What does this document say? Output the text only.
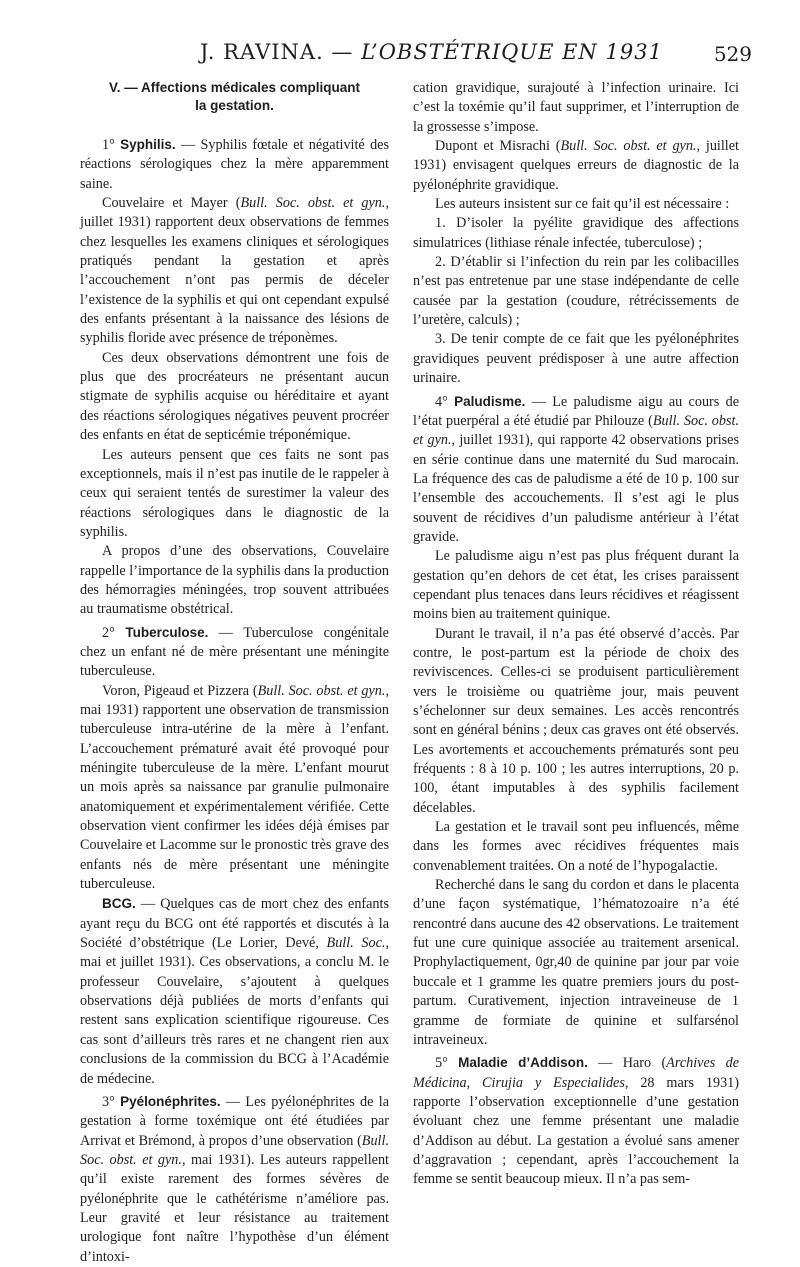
J. RAVINA. — L’OBSTÉTRIQUE EN 1931	529
V. — Affections médicales compliquant
la gestation.

1° Syphilis. — Syphilis fœtale et négativité des réactions sérologiques chez la mère apparemment saine.

Couvelaire et Mayer (Bull. Soc. obst. et gyn., juillet 1931) rapportent deux observations de femmes chez lesquelles les examens cliniques et sérologiques pratiqués pendant la gestation et après l’accouchement n’ont pas permis de déceler l’existence de la syphilis et qui ont cependant expulsé des enfants présentant à la naissance des lésions de syphilis floride avec présence de tréponèmes.

Ces deux observations démontrent une fois de plus que des procréateurs ne présentant aucun stigmate de syphilis acquise ou héréditaire et ayant des réactions sérologiques négatives peuvent procréer des enfants en état de septicémie tréponémique.

Les auteurs pensent que ces faits ne sont pas exceptionnels, mais il n’est pas inutile de le rappeler à ceux qui seraient tentés de surestimer la valeur des réactions sérologiques dans le diagnostic de la syphilis.

A propos d’une des observations, Couvelaire rappelle l’importance de la syphilis dans la production des hémorragies méningées, trop souvent attribuées au traumatisme obstétrical.

2° Tuberculose. — Tuberculose congénitale chez un enfant né de mère présentant une méningite tuberculeuse.

Voron, Pigeaud et Pizzera (Bull. Soc. obst. et gyn., mai 1931) rapportent une observation de transmission tuberculeuse intra-utérine de la mère à l’enfant. L’accouchement prématuré avait été provoqué pour méningite tuberculeuse de la mère. L’enfant mourut un mois après sa naissance par granulie pulmonaire anatomiquement et expérimentalement vérifiée. Cette observation vient confirmer les idées déjà émises par Couvelaire et Lacomme sur le pronostic très grave des enfants nés de mère présentant une méningite tuberculeuse.

BCG. — Quelques cas de mort chez des enfants ayant reçu du BCG ont été rapportés et discutés à la Société d’obstétrique (Le Lorier, Devé, Bull. Soc., mai et juillet 1931). Ces observations, a conclu M. le professeur Couvelaire, s’ajoutent à quelques observations déjà publiées de morts d’enfants qui restent sans explication scientifique rigoureuse. Ces cas sont d’ailleurs très rares et ne changent rien aux conclusions de la commission du BCG à l’Académie de médecine.

3° Pyélonéphrites. — Les pyélonéphrites de la gestation à forme toxémique ont été étudiées par Arrivat et Brémond, à propos d’une observation (Bull. Soc. obst. et gyn., mai 1931). Les auteurs rappellent qu’il existe rarement des formes sévères de pyélonéphrite que le cathétérisme n’améliore pas. Leur gravité et leur résistance au traitement urologique font naître l’hypothèse d’un élément d’intoxi-

cation gravidique, surajouté à l’infection urinaire. Ici c’est la toxémie qu’il faut supprimer, et l’interruption de la grossesse s’impose.

Dupont et Misrachi (Bull. Soc. obst. et gyn., juillet 1931) envisagent quelques erreurs de diagnostic de la pyélonéphrite gravidique.

Les auteurs insistent sur ce fait qu’il est nécessaire :

1. D’isoler la pyélite gravidique des affections simulatrices (lithiase rénale infectée, tuberculose) ;

2. D’établir si l’infection du rein par les colibacilles n’est pas entretenue par une stase indépendante de celle causée par la gestation (coudure, rétrécissements de l’uretère, calculs) ;

3. De tenir compte de ce fait que les pyélonéphrites gravidiques peuvent prédisposer à une autre affection urinaire.

4° Paludisme. — Le paludisme aigu au cours de l’état puerpéral a été étudié par Philouze (Bull. Soc. obst. et gyn., juillet 1931), qui rapporte 42 observations prises en série continue dans une maternité du Sud marocain. La fréquence des cas de paludisme a été de 10 p. 100 sur l’ensemble des accouchements. Il s’est agi le plus souvent de récidives d’un paludisme antérieur à l’état gravide.

Le paludisme aigu n’est pas plus fréquent durant la gestation qu’en dehors de cet état, les crises paraissent cependant plus tenaces dans leurs récidives et réagissent moins bien au traitement quinique.

Durant le travail, il n’a pas été observé d’accès. Par contre, le post-partum est la période de choix des reviviscences. Celles-ci se produisent particulièrement vers le troisième ou quatrième jour, mais peuvent s’échelonner sur deux semaines. Les accès rencontrés sont en général bénins ; deux cas graves ont été observés. Les avortements et accouchements prématurés sont peu fréquents : 8 à 10 p. 100 ; les autres interruptions, 20 p. 100, étant imputables à des syphilis facilement décelables.

La gestation et le travail sont peu influencés, même dans les formes avec récidives fréquentes mais convenablement traitées. On a noté de l’hypogalactie.

Recherché dans le sang du cordon et dans le placenta d’une façon systématique, l’hématozoaire n’a été rencontré dans aucune des 42 observations. Le traitement fut une cure quinique associée au traitement arsenical. Prophylactiquement, 0gr,40 de quinine par jour par voie buccale et 1 gramme les quatre premiers jours du post-partum. Curativement, injection intraveineuse de 1 gramme de formiate de quinine et sulfarsénol intraveineux.

5° Maladie d’Addison. — Haro (Archives de Médicina, Cirujia y Especialides, 28 mars 1931) rapporte l’observation exceptionnelle d’une gestation évoluant chez une femme présentant une maladie d’Addison au début. La gestation a évolué sans amener d’aggravation ; cependant, après l’accouchement la femme se sentit beaucoup mieux. Il n’a pas sem-
